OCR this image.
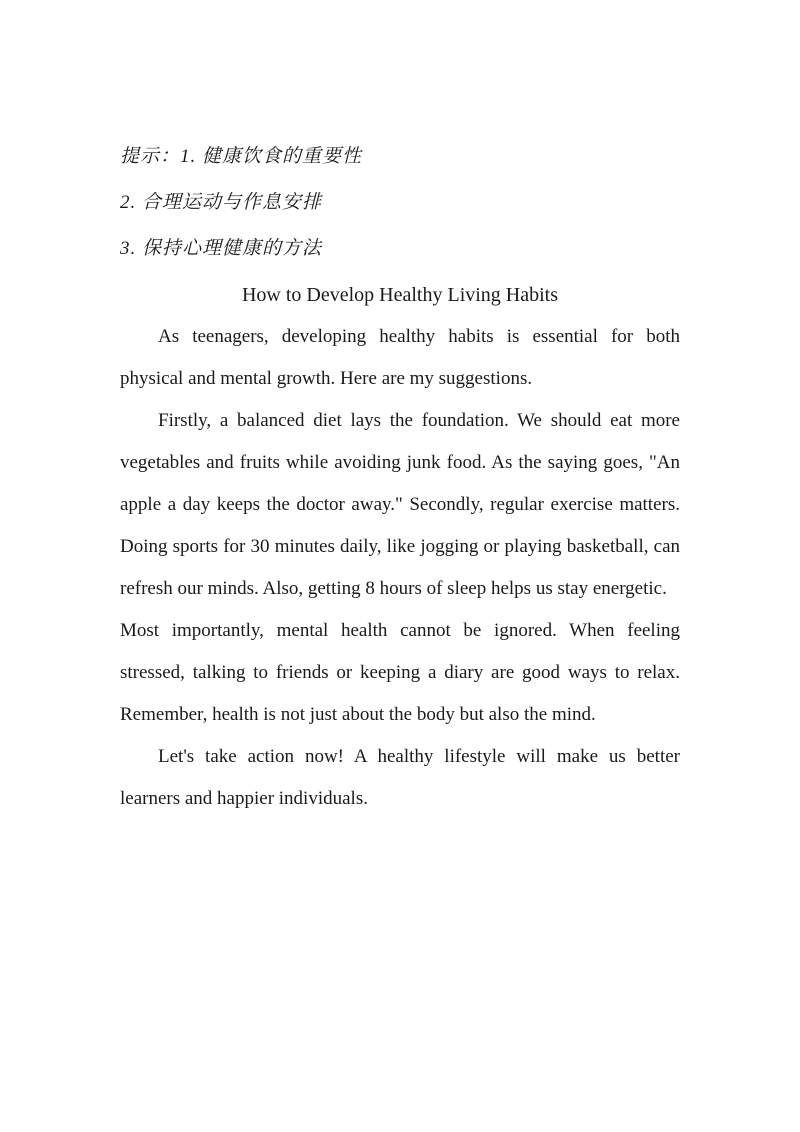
提示：1. 健康饮食的重要性

2. 合理运动与作息安排

3. 保持心理健康的方法

How to Develop Healthy Living Habits

As teenagers, developing healthy habits is essential for both physical and mental growth. Here are my suggestions.

Firstly, a balanced diet lays the foundation. We should eat more vegetables and fruits while avoiding junk food. As the saying goes, "An apple a day keeps the doctor away." Secondly, regular exercise matters. Doing sports for 30 minutes daily, like jogging or playing basketball, can refresh our minds. Also, getting 8 hours of sleep helps us stay energetic.

Most importantly, mental health cannot be ignored. When feeling stressed, talking to friends or keeping a diary are good ways to relax. Remember, health is not just about the body but also the mind.

Let's take action now! A healthy lifestyle will make us better learners and happier individuals.
